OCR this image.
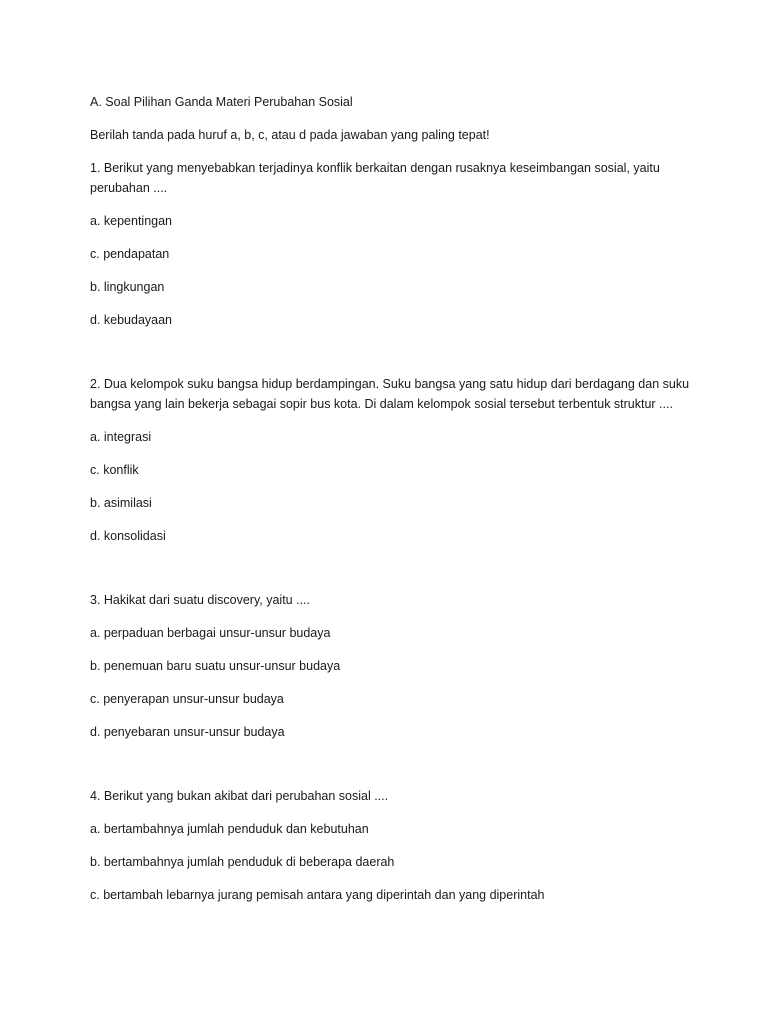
A. Soal Pilihan Ganda Materi Perubahan Sosial
Berilah tanda pada huruf a, b, c, atau d pada jawaban yang paling tepat!
1. Berikut yang menyebabkan terjadinya konflik berkaitan dengan rusaknya keseimbangan sosial, yaitu perubahan ....
a. kepentingan
c. pendapatan
b. lingkungan
d. kebudayaan
2. Dua kelompok suku bangsa hidup berdampingan. Suku bangsa yang satu hidup dari berdagang dan suku bangsa yang lain bekerja sebagai sopir bus kota. Di dalam kelompok sosial tersebut terbentuk struktur ....
a. integrasi
c. konflik
b. asimilasi
d. konsolidasi
3. Hakikat dari suatu discovery, yaitu ....
a. perpaduan berbagai unsur-unsur budaya
b. penemuan baru suatu unsur-unsur budaya
c. penyerapan unsur-unsur budaya
d. penyebaran unsur-unsur budaya
4. Berikut yang bukan akibat dari perubahan sosial ....
a. bertambahnya jumlah penduduk dan kebutuhan
b. bertambahnya jumlah penduduk di beberapa daerah
c. bertambah lebarnya jurang pemisah antara yang diperintah dan yang diperintah
